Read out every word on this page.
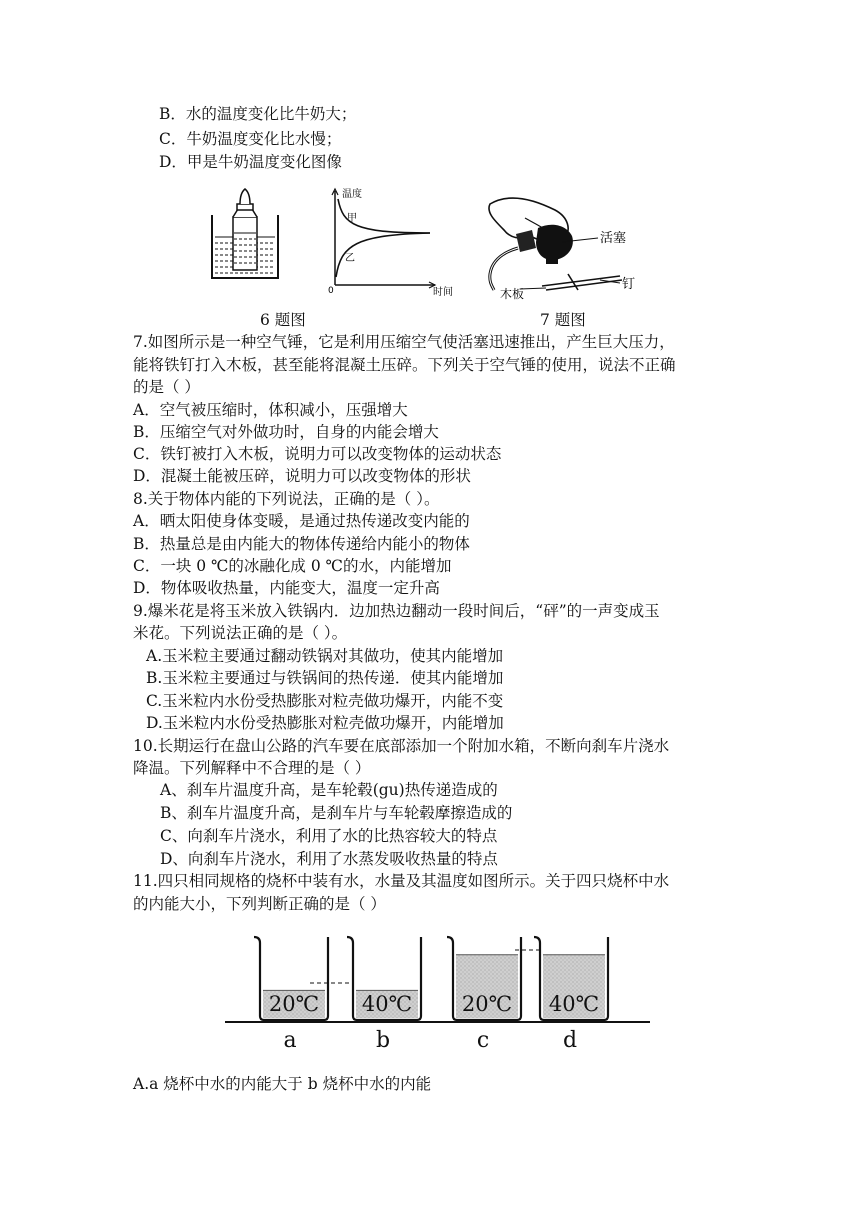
B．水的温度变化比牛奶大；
C．牛奶温度变化比水慢；
D．甲是牛奶温度变化图像
温度
甲
乙
0	时间
活塞
钉
木板
6 题图	7 题图
7.如图所示是一种空气锤，它是利用压缩空气使活塞迅速推出，产生巨大压力，
能将铁钉打入木板，甚至能将混凝土压碎。下列关于空气锤的使用，说法不正确
的是（ ）
A．空气被压缩时，体积减小，压强增大
B．压缩空气对外做功时，自身的内能会增大
C．铁钉被打入木板，说明力可以改变物体的运动状态
D．混凝土能被压碎，说明力可以改变物体的形状
8.关于物体内能的下列说法，正确的是（ ）。
A．晒太阳使身体变暖，是通过热传递改变内能的
B．热量总是由内能大的物体传递给内能小的物体
C．一块 0 ℃的冰融化成 0 ℃的水，内能增加
D．物体吸收热量，内能变大，温度一定升高
9.爆米花是将玉米放入铁锅内．边加热边翻动一段时间后，“砰”的一声变成玉
米花。下列说法正确的是（ ）。
A.玉米粒主要通过翻动铁锅对其做功，使其内能增加
B.玉米粒主要通过与铁锅间的热传递．使其内能增加
C.玉米粒内水份受热膨胀对粒壳做功爆开，内能不变
D.玉米粒内水份受热膨胀对粒壳做功爆开，内能增加
10.长期运行在盘山公路的汽车要在底部添加一个附加水箱，不断向刹车片浇水
降温。下列解释中不合理的是（ ）
A、刹车片温度升高，是车轮毂(gu)热传递造成的
B、刹车片温度升高，是刹车片与车轮毂摩擦造成的
C、向刹车片浇水，利用了水的比热容较大的特点
D、向刹车片浇水，利用了水蒸发吸收热量的特点
11.四只相同规格的烧杯中装有水，水量及其温度如图所示。关于四只烧杯中水
的内能大小，下列判断正确的是（ ）
20℃
a
40℃
b
20℃
c
40℃
d
A.a 烧杯中水的内能大于 b 烧杯中水的内能
